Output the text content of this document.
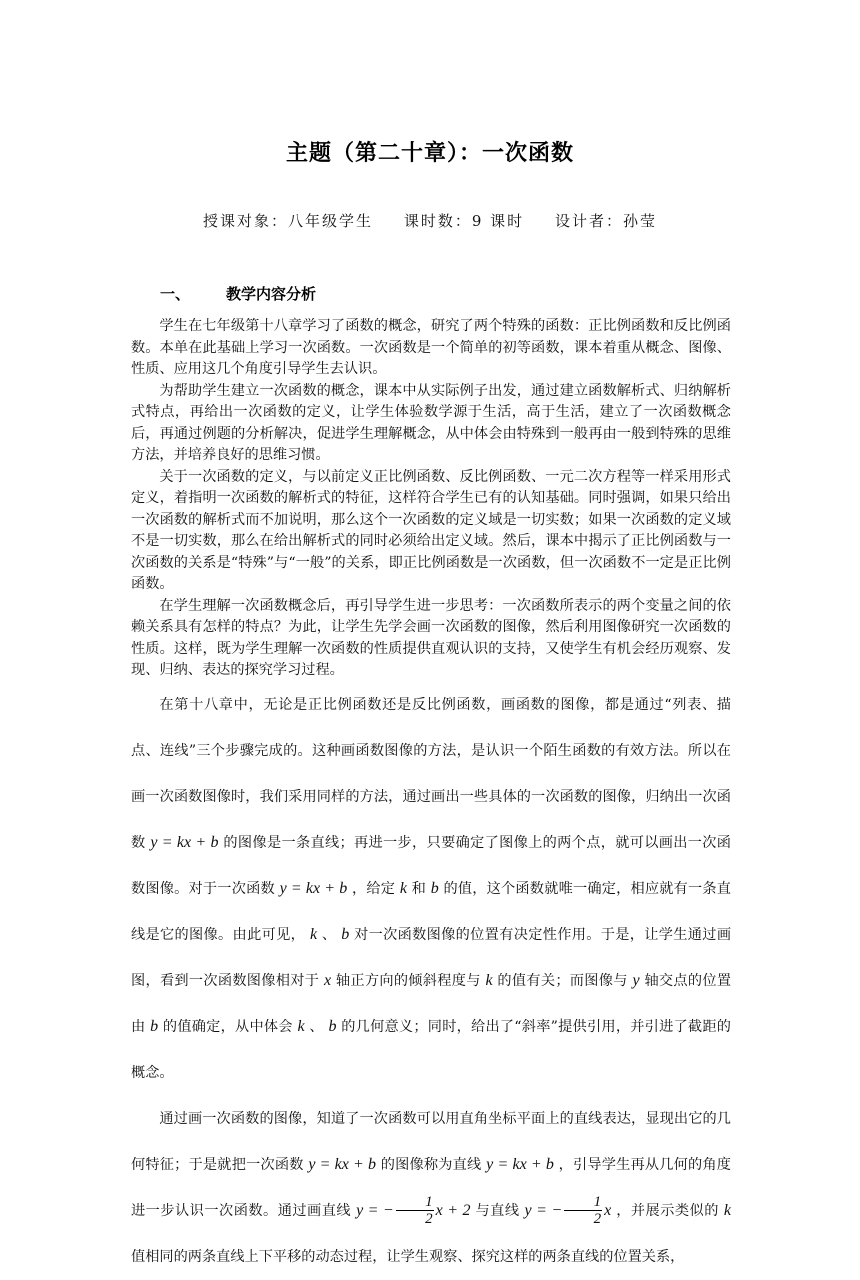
主题（第二十章）：一次函数
授课对象：八年级学生 课时数：9 课时 设计者：孙莹
一、 教学内容分析

学生在七年级第十八章学习了函数的概念，研究了两个特殊的函数：正比例函数和反比例函数。本单在此基础上学习一次函数。一次函数是一个简单的初等函数，课本着重从概念、图像、性质、应用这几个角度引导学生去认识。

为帮助学生建立一次函数的概念，课本中从实际例子出发，通过建立函数解析式、归纳解析式特点，再给出一次函数的定义，让学生体验数学源于生活，高于生活，建立了一次函数概念后，再通过例题的分析解决，促进学生理解概念，从中体会由特殊到一般再由一般到特殊的思维方法，并培养良好的思维习惯。

关于一次函数的定义，与以前定义正比例函数、反比例函数、一元二次方程等一样采用形式定义，着指明一次函数的解析式的特征，这样符合学生已有的认知基础。同时强调，如果只给出一次函数的解析式而不加说明，那么这个一次函数的定义域是一切实数；如果一次函数的定义域不是一切实数，那么在给出解析式的同时必须给出定义域。然后，课本中揭示了正比例函数与一次函数的关系是“特殊”与“一般”的关系，即正比例函数是一次函数，但一次函数不一定是正比例函数。

在学生理解一次函数概念后，再引导学生进一步思考：一次函数所表示的两个变量之间的依赖关系具有怎样的特点？为此，让学生先学会画一次函数的图像，然后利用图像研究一次函数的性质。这样，既为学生理解一次函数的性质提供直观认识的支持，又使学生有机会经历观察、发现、归纳、表达的探究学习过程。

在第十八章中，无论是正比例函数还是反比例函数，画函数的图像，都是通过“列表、描点、连线”三个步骤完成的。这种画函数图像的方法，是认识一个陌生函数的有效方法。所以在画一次函数图像时，我们采用同样的方法，通过画出一些具体的一次函数的图像，归纳出一次函数 y = kx + b 的图像是一条直线；再进一步，只要确定了图像上的两个点，就可以画出一次函数图像。对于一次函数 y = kx + b ，给定 k 和 b 的值，这个函数就唯一确定，相应就有一条直线是它的图像。由此可见， k 、 b 对一次函数图像的位置有决定性作用。于是，让学生通过画图，看到一次函数图像相对于 x 轴正方向的倾斜程度与 k 的值有关；而图像与 y 轴交点的位置由 b 的值确定，从中体会 k 、 b 的几何意义；同时，给出了“斜率”提供引用，并引进了截距的概念。

通过画一次函数的图像，知道了一次函数可以用直角坐标平面上的直线表达，显现出它的几何特征；于是就把一次函数 y = kx + b 的图像称为直线 y = kx + b ，引导学生再从几何的角度进一步认识一次函数。通过画直线 y = − $\frac{1}{2}$ x + 2 与直线 y = − $\frac{1}{2}$ x ，并展示类似的 k 值相同的两条直线上下平移的动态过程，让学生观察、探究这样的两条直线的位置关系，
